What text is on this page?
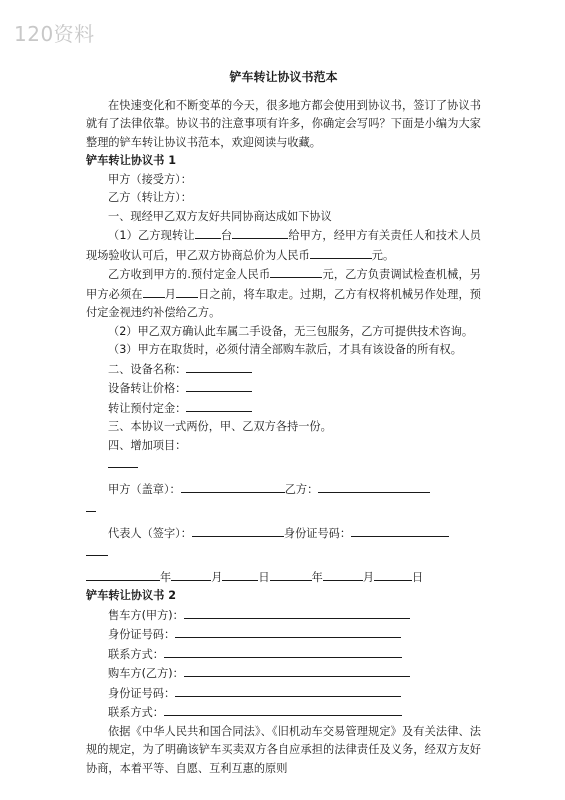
120资料

铲车转让协议书范本

在快速变化和不断变革的今天，很多地方都会使用到协议书，签订了协议书就有了法律依靠。协议书的注意事项有许多，你确定会写吗？下面是小编为大家整理的铲车转让协议书范本，欢迎阅读与收藏。

铲车转让协议书 1

甲方（接受方）：

乙方（转让方）：

一、现经甲乙双方友好共同协商达成如下协议

（1）乙方现转让 台	给甲方，经甲方有关责任人和技术人员现场验收认可后，甲乙双方协商总价为人民币	元。

乙方收到甲方的.预付定金人民币	元，乙方负责调试检查机械，另甲方必须在 月 日之前，将车取走。过期，乙方有权将机械另作处理，预付定金视违约补偿给乙方。

（2）甲乙双方确认此车属二手设备，无三包服务，乙方可提供技术咨询。

（3）甲方在取货时，必须付清全部购车款后，才具有该设备的所有权。

二、设备名称：

设备转让价格：

转让预付定金：

三、本协议一式两份，甲、乙双方各持一份。

四、增加项目：

甲方（盖章）：	乙方：

代表人（签字）：	身份证号码：

年	月	日	年	月	日

铲车转让协议书 2

售车方(甲方)：

身份证号码：

联系方式：

购车方(乙方)：

身份证号码：

联系方式：

依据《中华人民共和国合同法》、《旧机动车交易管理规定》及有关法律、法规的规定，为了明确该铲车买卖双方各自应承担的法律责任及义务，经双方友好协商，本着平等、自愿、互利互惠的原则
